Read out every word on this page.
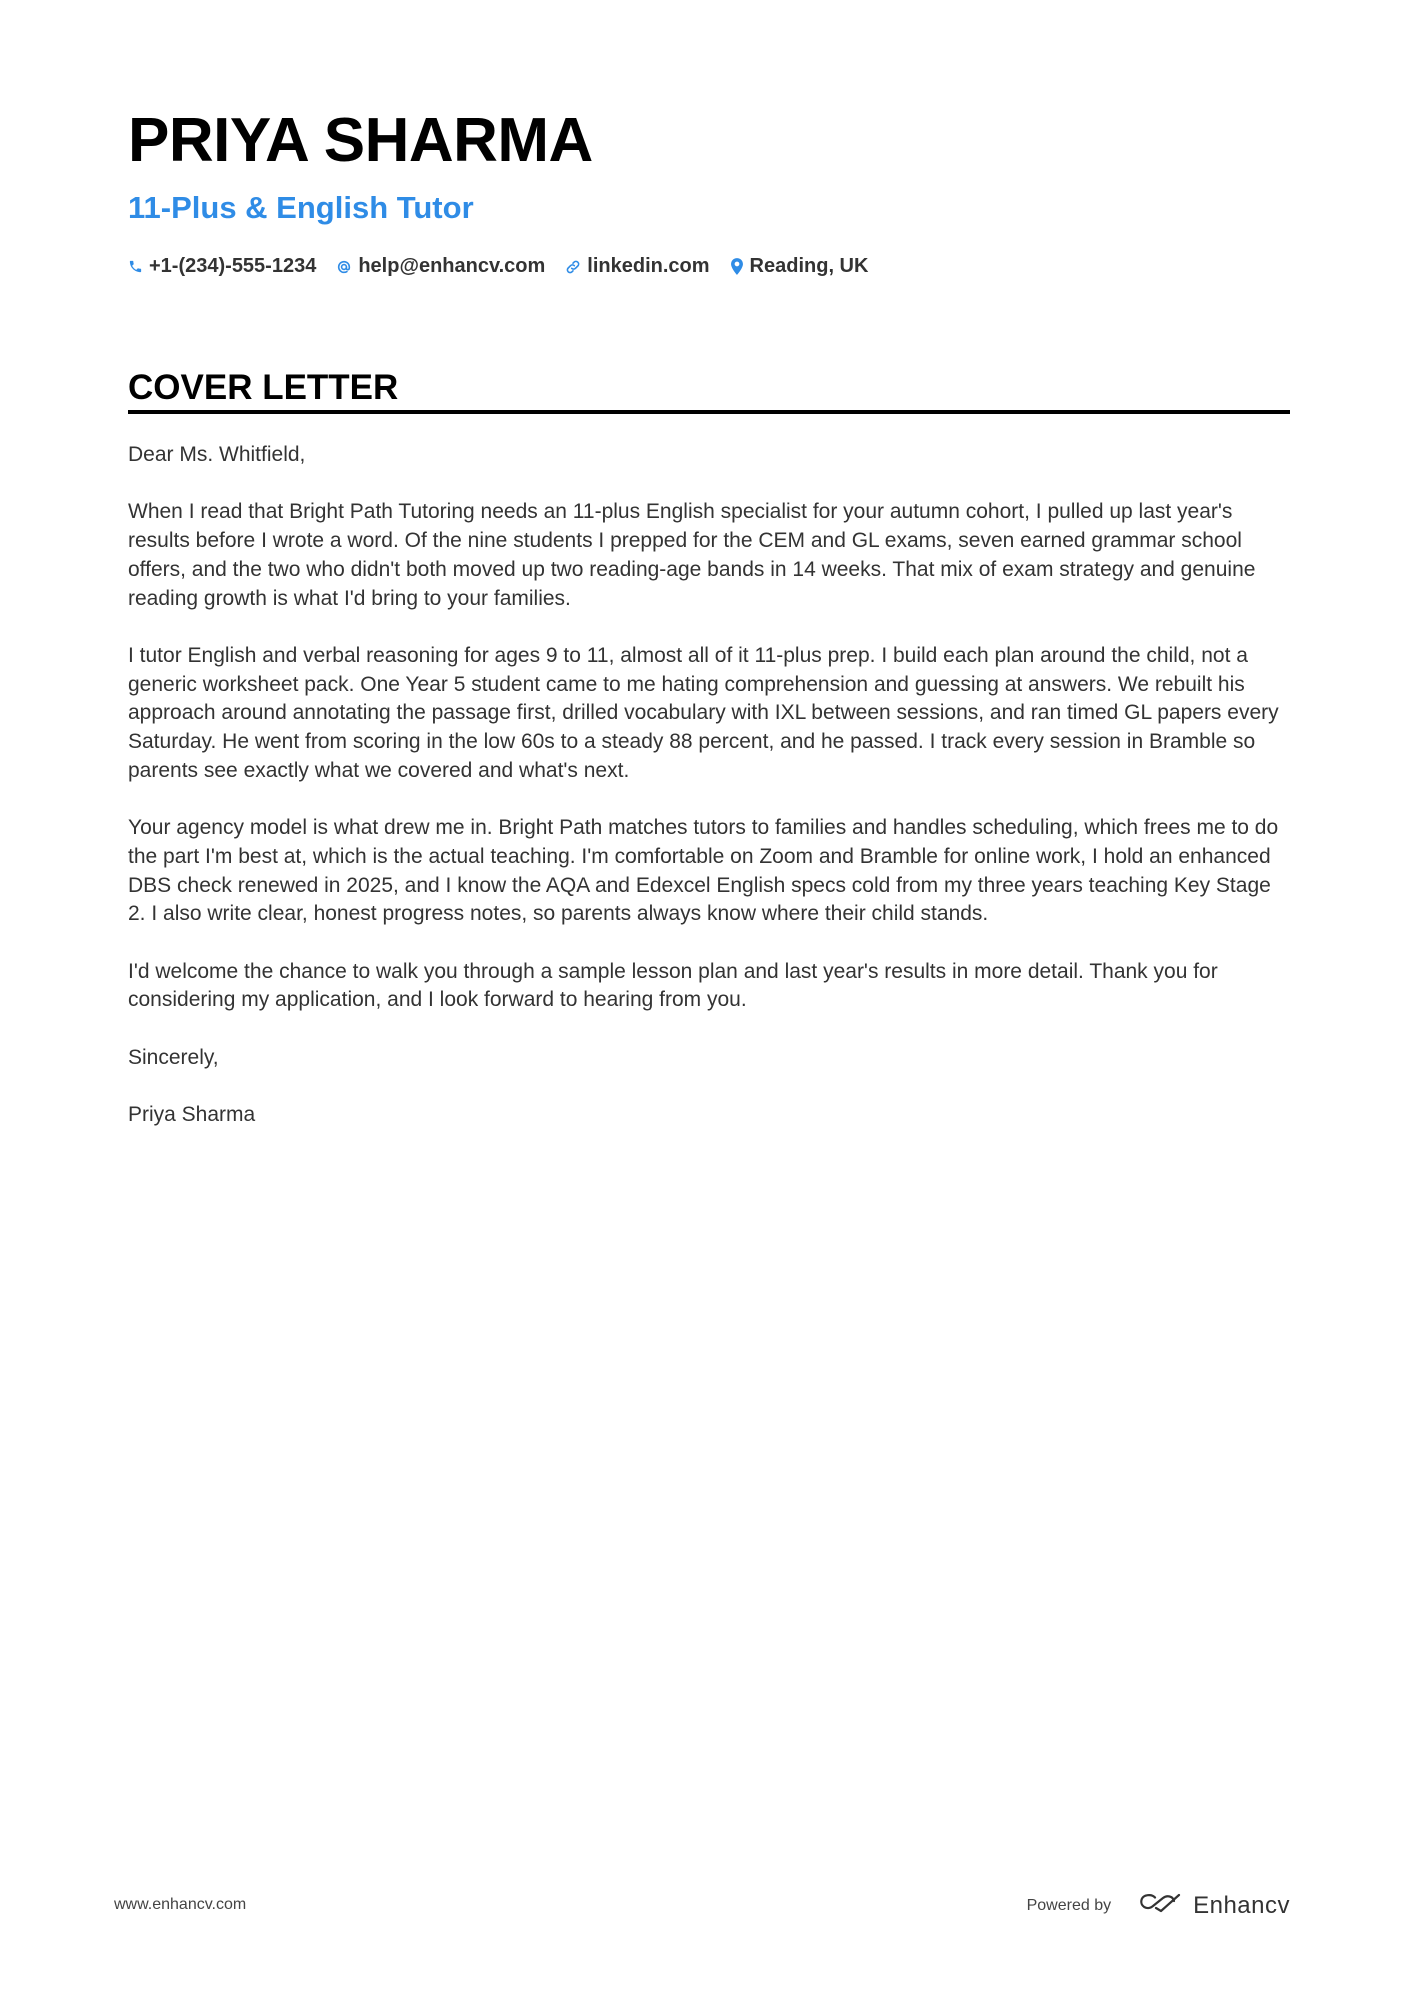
PRIYA SHARMA
11-Plus & English Tutor
+1-(234)-555-1234 help@enhancv.com linkedin.com Reading, UK
COVER LETTER

Dear Ms. Whitfield,

When I read that Bright Path Tutoring needs an 11-plus English specialist for your autumn cohort, I pulled up last year's results before I wrote a word. Of the nine students I prepped for the CEM and GL exams, seven earned grammar school offers, and the two who didn't both moved up two reading-age bands in 14 weeks. That mix of exam strategy and genuine reading growth is what I'd bring to your families.

I tutor English and verbal reasoning for ages 9 to 11, almost all of it 11-plus prep. I build each plan around the child, not a generic worksheet pack. One Year 5 student came to me hating comprehension and guessing at answers. We rebuilt his approach around annotating the passage first, drilled vocabulary with IXL between sessions, and ran timed GL papers every Saturday. He went from scoring in the low 60s to a steady 88 percent, and he passed. I track every session in Bramble so parents see exactly what we covered and what's next.

Your agency model is what drew me in. Bright Path matches tutors to families and handles scheduling, which frees me to do the part I'm best at, which is the actual teaching. I'm comfortable on Zoom and Bramble for online work, I hold an enhanced DBS check renewed in 2025, and I know the AQA and Edexcel English specs cold from my three years teaching Key Stage 2. I also write clear, honest progress notes, so parents always know where their child stands.

I'd welcome the chance to walk you through a sample lesson plan and last year's results in more detail. Thank you for considering my application, and I look forward to hearing from you.

Sincerely,

Priya Sharma

www.enhancv.com	Powered by	Enhancv
